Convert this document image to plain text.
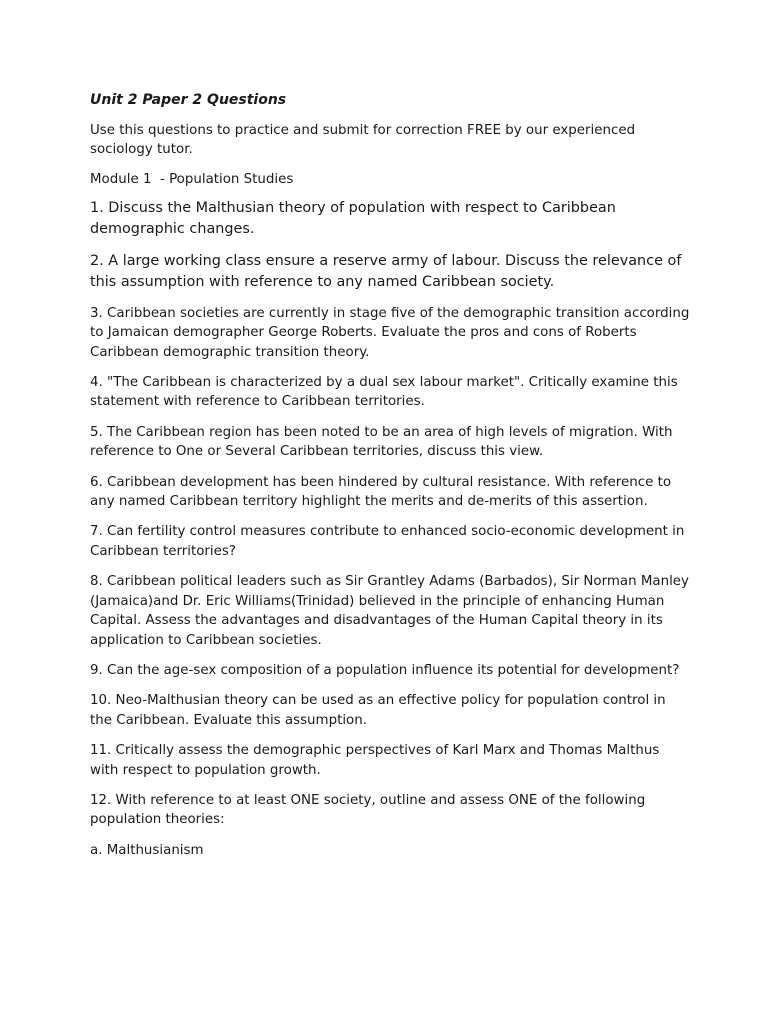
Unit 2 Paper 2 Questions
Use this questions to practice and submit for correction FREE by our experienced sociology tutor.
Module 1  - Population Studies
1. Discuss the Malthusian theory of population with respect to Caribbean demographic changes.
2. A large working class ensure a reserve army of labour. Discuss the relevance of this assumption with reference to any named Caribbean society.
3. Caribbean societies are currently in stage five of the demographic transition according to Jamaican demographer George Roberts. Evaluate the pros and cons of Roberts Caribbean demographic transition theory.
4. "The Caribbean is characterized by a dual sex labour market". Critically examine this statement with reference to Caribbean territories.
5. The Caribbean region has been noted to be an area of high levels of migration. With reference to One or Several Caribbean territories, discuss this view.
6. Caribbean development has been hindered by cultural resistance. With reference to any named Caribbean territory highlight the merits and de-merits of this assertion.
7. Can fertility control measures contribute to enhanced socio-economic development in Caribbean territories?
8. Caribbean political leaders such as Sir Grantley Adams (Barbados), Sir Norman Manley (Jamaica)and Dr. Eric Williams(Trinidad) believed in the principle of enhancing Human Capital. Assess the advantages and disadvantages of the Human Capital theory in its application to Caribbean societies.
9. Can the age-sex composition of a population influence its potential for development?
10. Neo-Malthusian theory can be used as an effective policy for population control in the Caribbean. Evaluate this assumption.
11. Critically assess the demographic perspectives of Karl Marx and Thomas Malthus with respect to population growth.
12. With reference to at least ONE society, outline and assess ONE of the following population theories:
a. Malthusianism
